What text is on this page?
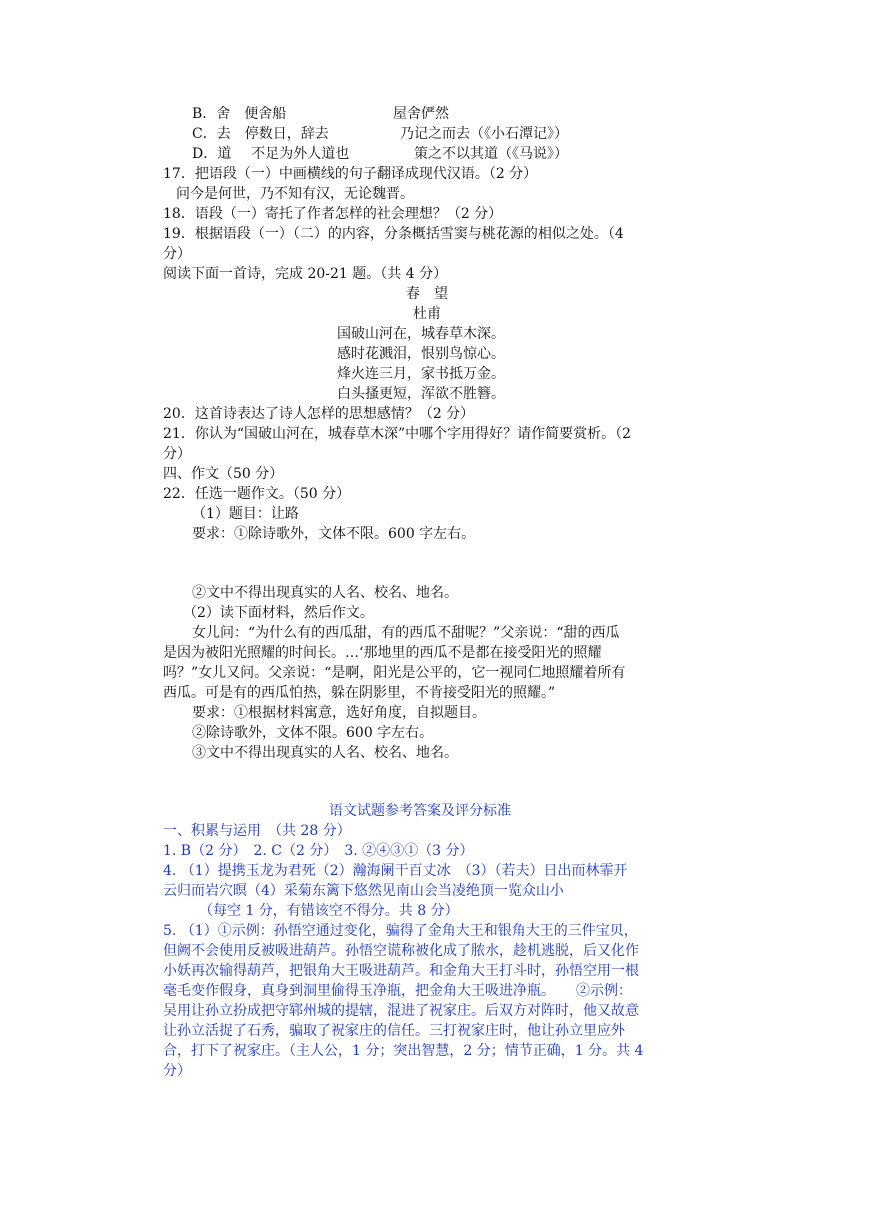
B．舍 便舍船	屋舍俨然
C．去 停数日，辞去	乃记之而去（《小石潭记》）
D．道 不足为外人道也	策之不以其道（《马说》）
17．把语段（一）中画横线的句子翻译成现代汉语。（2 分）
问今是何世，乃不知有汉，无论魏晋。
18．语段（一）寄托了作者怎样的社会理想？（2 分）
19．根据语段（一）（二）的内容，分条概括雪窦与桃花源的相似之处。（4
分）
阅读下面一首诗，完成 20-21 题。（共 4 分）
春　望
杜甫
国破山河在，城春草木深。
感时花溅泪，恨别鸟惊心。
烽火连三月，家书抵万金。
白头搔更短，浑欲不胜簪。
20．这首诗表达了诗人怎样的思想感情？（2 分）
21．你认为“国破山河在，城春草木深”中哪个字用得好？请作简要赏析。（2
分）
四、作文（50 分）
22．任选一题作文。（50 分）
（1）题目：让路
要求：①除诗歌外，文体不限。600 字左右。
②文中不得出现真实的人名、校名、地名。
（2）读下面材料，然后作文。
女儿问：“为什么有的西瓜甜，有的西瓜不甜呢？”父亲说：“甜的西瓜
是因为被阳光照耀的时间长。…‘那地里的西瓜不是都在接受阳光的照耀
吗？”女儿又问。父亲说：“是啊，阳光是公平的，它一视同仁地照耀着所有
西瓜。可是有的西瓜怕热，躲在阴影里，不肯接受阳光的照耀。”
要求：①根据材料寓意，选好角度，自拟题目。
②除诗歌外，文体不限。600 字左右。
③文中不得出现真实的人名、校名、地名。
语文试题参考答案及评分标准
一、积累与运用　（共 28 分）
1. B（2 分）　2. C（2 分）　3. ②④③①（3 分）
4. （1）提携玉龙为君死（2）瀚海阑干百丈冰　（3）（若夫）日出而林霏开
云归而岩穴暝（4）采菊东篱下悠然见南山会当凌绝顶一览众山小
（每空 1 分，有错该空不得分。共 8 分）
5. （1）①示例：孙悟空通过变化，骗得了金角大王和银角大王的三件宝贝，
但阙不会使用反被吸进葫芦。孙悟空谎称被化成了脓水，趁机逃脱，后又化作
小妖再次输得葫芦，把银角大王吸进葫芦。和金角大王打斗时，孙悟空用一根
毫毛变作假身，真身到洞里偷得玉净瓶，把金角大王吸进净瓶。　　②示例：
吴用让孙立扮成把守郓州城的提辖，混进了祝家庄。后双方对阵时，他又故意
让孙立活捉了石秀，骗取了祝家庄的信任。三打祝家庄时，他让孙立里应外
合，打下了祝家庄。（主人公，1 分；突出智慧，2 分；情节正确，1 分。共 4
分）
